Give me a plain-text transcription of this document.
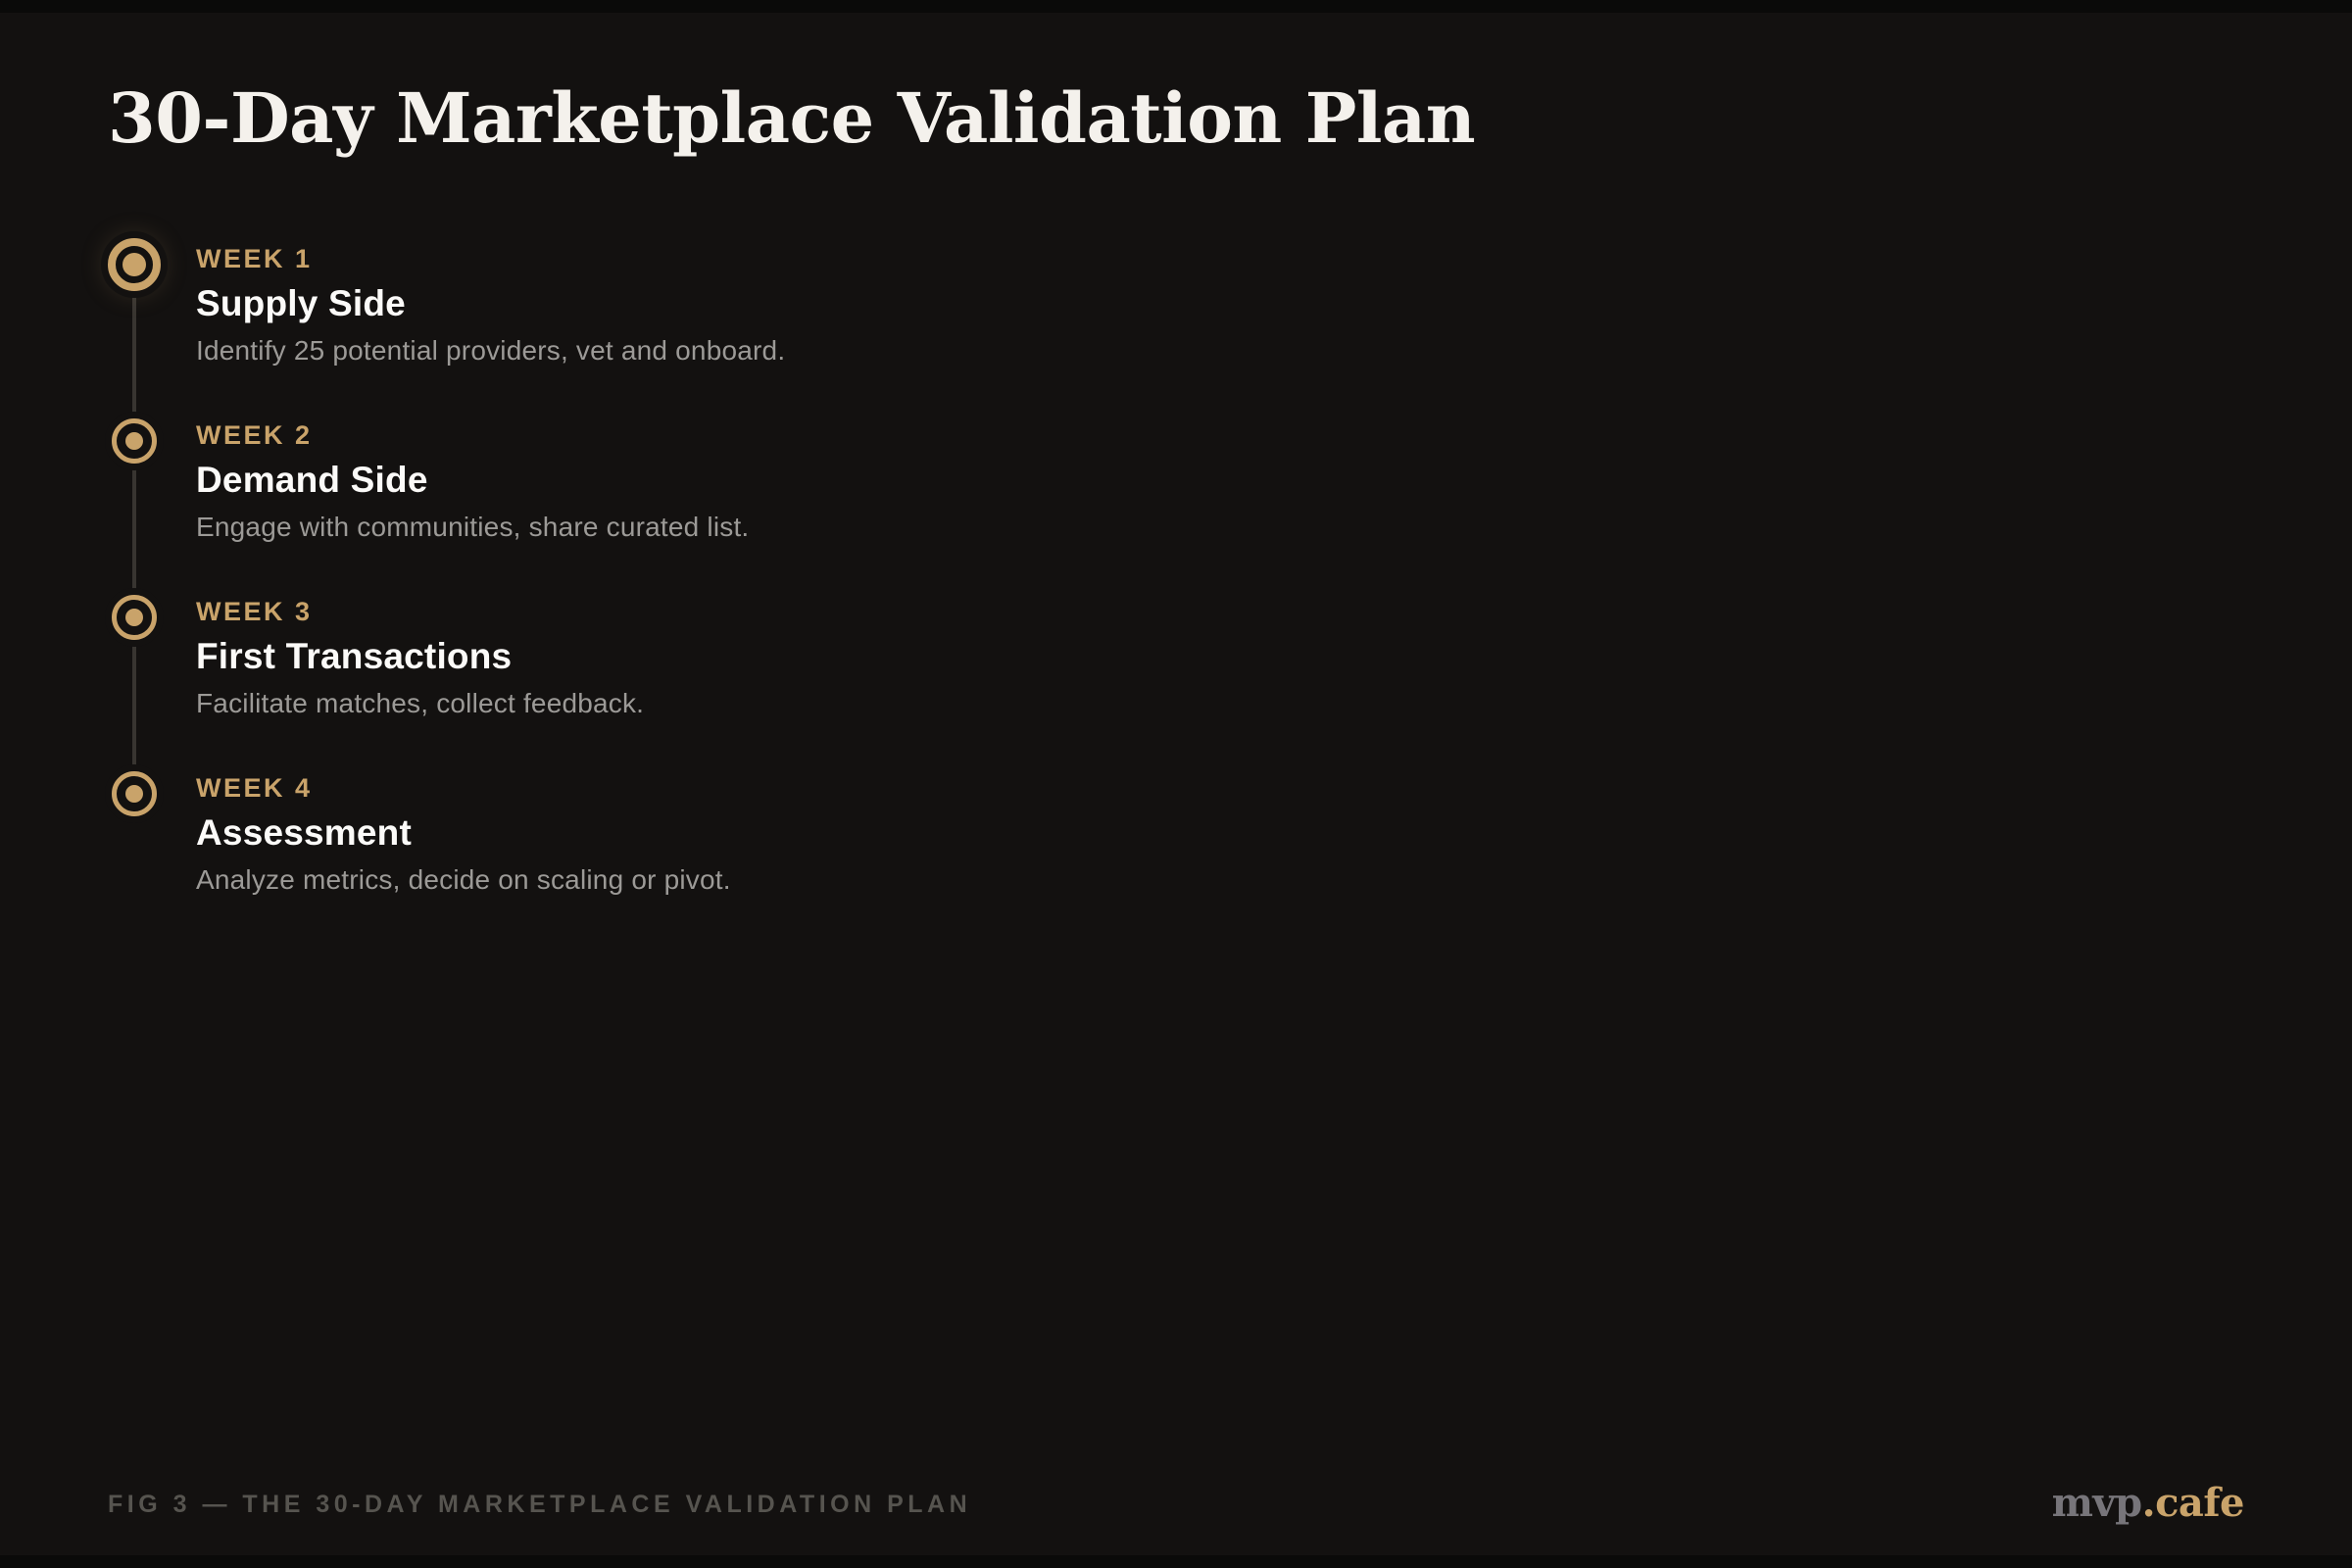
30-Day Marketplace Validation Plan

WEEK 1

Supply Side

Identify 25 potential providers, vet and onboard.

WEEK 2

Demand Side

Engage with communities, share curated list.

WEEK 3

First Transactions

Facilitate matches, collect feedback.

WEEK 4

Assessment

Analyze metrics, decide on scaling or pivot.

FIG 3 — THE 30-DAY MARKETPLACE VALIDATION PLAN	mvp.cafe
